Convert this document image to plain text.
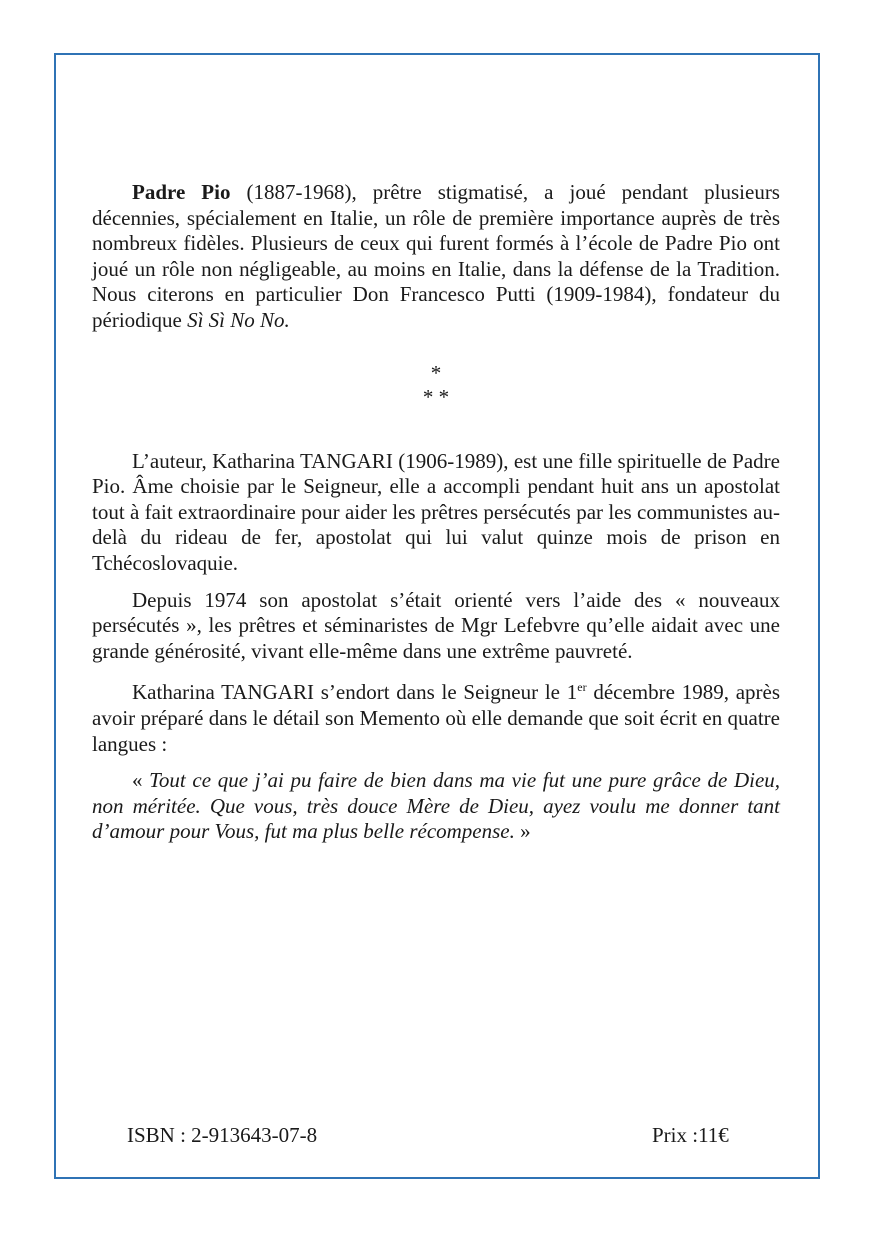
Padre Pio (1887-1968), prêtre stigmatisé, a joué pendant plusieurs décennies, spécialement en Italie, un rôle de première importance auprès de très nombreux fidèles. Plusieurs de ceux qui furent formés à l’école de Padre Pio ont joué un rôle non négligeable, au moins en Italie, dans la défense de la Tradition. Nous citerons en particulier Don Francesco Putti (1909-1984), fondateur du périodique Sì Sì No No.

*
* *

L’auteur, Katharina TANGARI (1906-1989), est une fille spirituelle de Padre Pio. Âme choisie par le Seigneur, elle a accompli pendant huit ans un apostolat tout à fait extraordinaire pour aider les prêtres persécutés par les communistes au-delà du rideau de fer, apostolat qui lui valut quinze mois de prison en Tchécoslovaquie.

Depuis 1974 son apostolat s’était orienté vers l’aide des « nouveaux persécutés », les prêtres et séminaristes de Mgr Lefebvre qu’elle aidait avec une grande générosité, vivant elle-même dans une extrême pauvreté.

Katharina TANGARI s’endort dans le Seigneur le 1er décembre 1989, après avoir préparé dans le détail son Memento où elle demande que soit écrit en quatre langues :

« Tout ce que j’ai pu faire de bien dans ma vie fut une pure grâce de Dieu, non méritée. Que vous, très douce Mère de Dieu, ayez voulu me donner tant d’amour pour Vous, fut ma plus belle récompense. »

ISBN : 2-913643-07-8	Prix :11€
